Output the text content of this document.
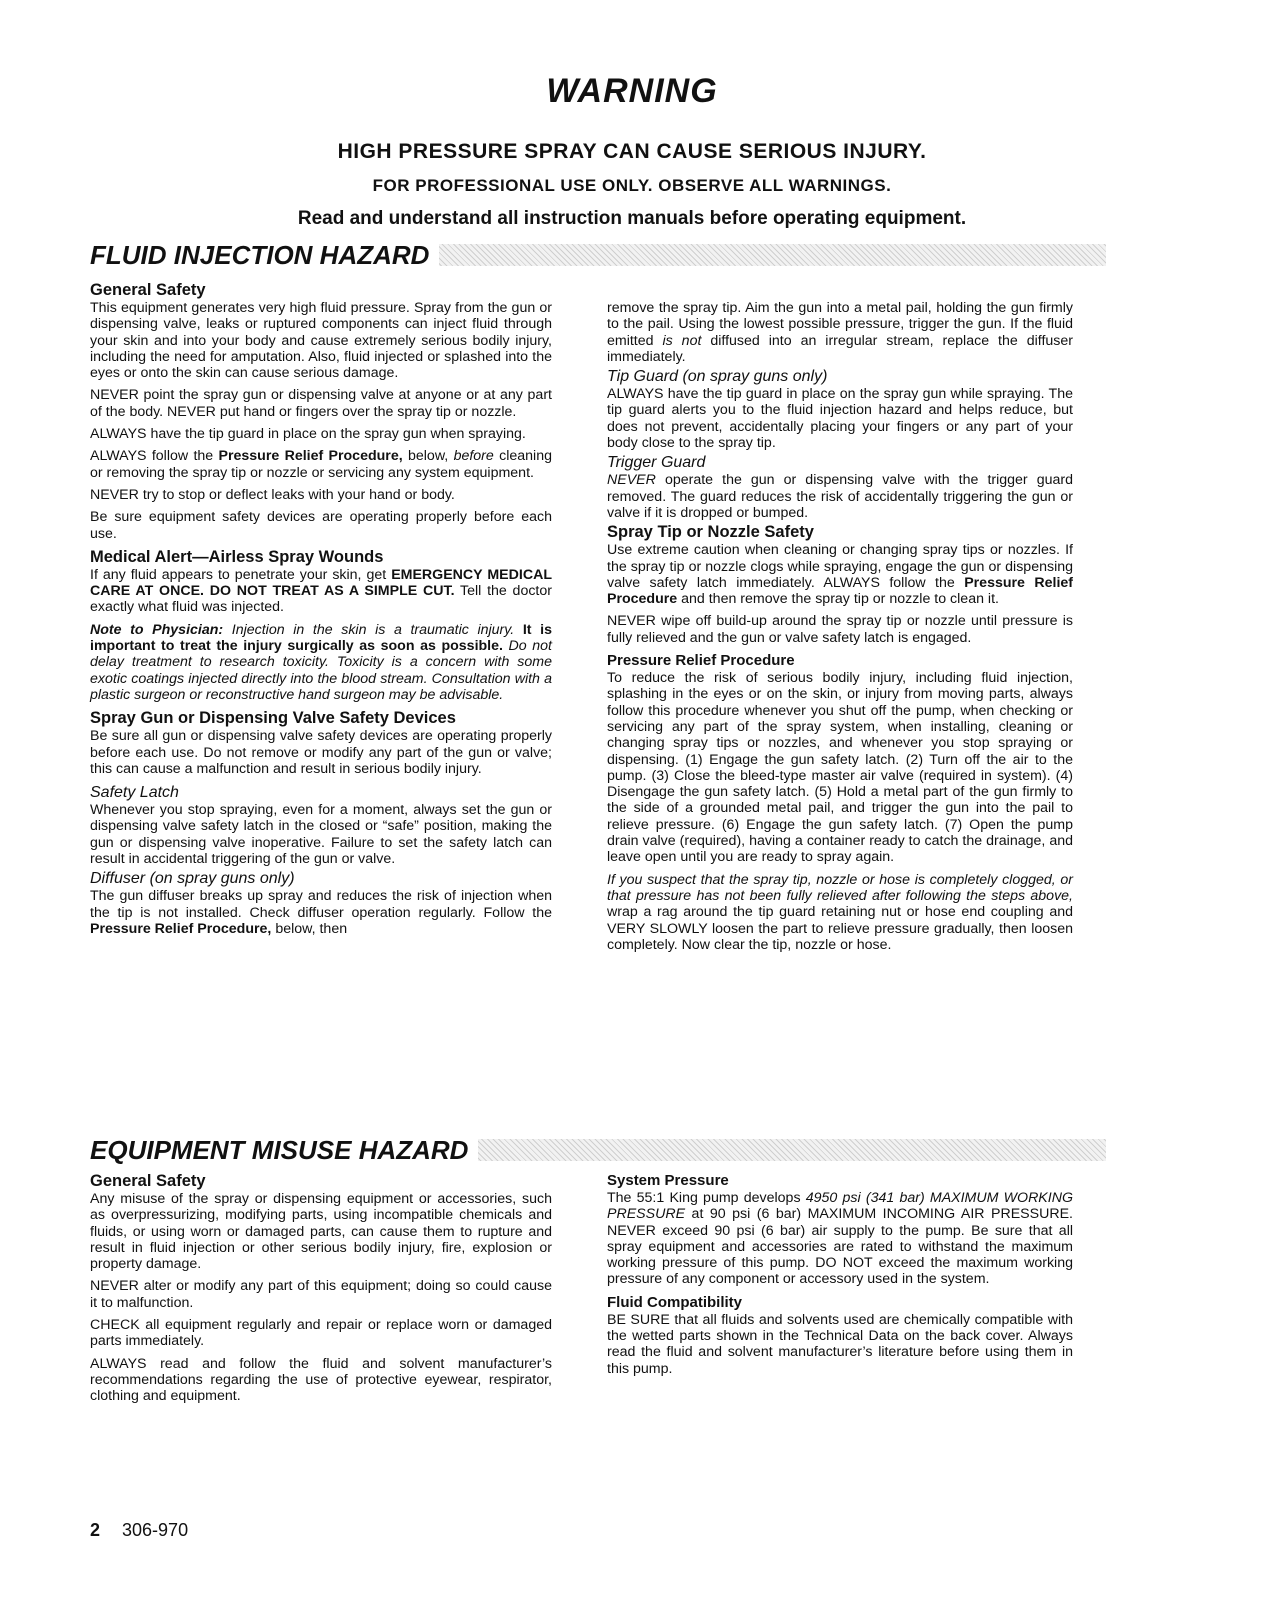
WARNING
HIGH PRESSURE SPRAY CAN CAUSE SERIOUS INJURY.
FOR PROFESSIONAL USE ONLY. OBSERVE ALL WARNINGS.
Read and understand all instruction manuals before operating equipment.
FLUID INJECTION HAZARD
General Safety

This equipment generates very high fluid pressure. Spray from the gun or dispensing valve, leaks or ruptured components can inject fluid through your skin and into your body and cause extremely serious bodily injury, including the need for amputation. Also, fluid injected or splashed into the eyes or onto the skin can cause serious damage.

NEVER point the spray gun or dispensing valve at anyone or at any part of the body. NEVER put hand or fingers over the spray tip or nozzle.

ALWAYS have the tip guard in place on the spray gun when spraying.

ALWAYS follow the Pressure Relief Procedure, below, before cleaning or removing the spray tip or nozzle or servicing any system equipment.

NEVER try to stop or deflect leaks with your hand or body.

Be sure equipment safety devices are operating properly before each use.

Medical Alert—Airless Spray Wounds

If any fluid appears to penetrate your skin, get EMERGENCY MEDICAL CARE AT ONCE. DO NOT TREAT AS A SIMPLE CUT. Tell the doctor exactly what fluid was injected.

Note to Physician: Injection in the skin is a traumatic injury. It is important to treat the injury surgically as soon as possible. Do not delay treatment to research toxicity. Toxicity is a concern with some exotic coatings injected directly into the blood stream. Consultation with a plastic surgeon or reconstructive hand surgeon may be advisable.

Spray Gun or Dispensing Valve Safety Devices

Be sure all gun or dispensing valve safety devices are operating properly before each use. Do not remove or modify any part of the gun or valve; this can cause a malfunction and result in serious bodily injury.

Safety Latch

Whenever you stop spraying, even for a moment, always set the gun or dispensing valve safety latch in the closed or “safe” position, making the gun or dispensing valve inoperative. Failure to set the safety latch can result in accidental triggering of the gun or valve.

Diffuser (on spray guns only)

The gun diffuser breaks up spray and reduces the risk of injection when the tip is not installed. Check diffuser operation regularly. Follow the Pressure Relief Procedure, below, then

remove the spray tip. Aim the gun into a metal pail, holding the gun firmly to the pail. Using the lowest possible pressure, trigger the gun. If the fluid emitted is not diffused into an irregular stream, replace the diffuser immediately.

Tip Guard (on spray guns only)

ALWAYS have the tip guard in place on the spray gun while spraying. The tip guard alerts you to the fluid injection hazard and helps reduce, but does not prevent, accidentally placing your fingers or any part of your body close to the spray tip.

Trigger Guard

NEVER operate the gun or dispensing valve with the trigger guard removed. The guard reduces the risk of accidentally triggering the gun or valve if it is dropped or bumped.

Spray Tip or Nozzle Safety

Use extreme caution when cleaning or changing spray tips or nozzles. If the spray tip or nozzle clogs while spraying, engage the gun or dispensing valve safety latch immediately. ALWAYS follow the Pressure Relief Procedure and then remove the spray tip or nozzle to clean it.

NEVER wipe off build-up around the spray tip or nozzle until pressure is fully relieved and the gun or valve safety latch is engaged.

Pressure Relief Procedure

To reduce the risk of serious bodily injury, including fluid injection, splashing in the eyes or on the skin, or injury from moving parts, always follow this procedure whenever you shut off the pump, when checking or servicing any part of the spray system, when installing, cleaning or changing spray tips or nozzles, and whenever you stop spraying or dispensing. (1) Engage the gun safety latch. (2) Turn off the air to the pump. (3) Close the bleed-type master air valve (required in system). (4) Disengage the gun safety latch. (5) Hold a metal part of the gun firmly to the side of a grounded metal pail, and trigger the gun into the pail to relieve pressure. (6) Engage the gun safety latch. (7) Open the pump drain valve (required), having a container ready to catch the drainage, and leave open until you are ready to spray again.

If you suspect that the spray tip, nozzle or hose is completely clogged, or that pressure has not been fully relieved after following the steps above, wrap a rag around the tip guard retaining nut or hose end coupling and VERY SLOWLY loosen the part to relieve pressure gradually, then loosen completely. Now clear the tip, nozzle or hose.

EQUIPMENT MISUSE HAZARD
General Safety

Any misuse of the spray or dispensing equipment or accessories, such as overpressurizing, modifying parts, using incompatible chemicals and fluids, or using worn or damaged parts, can cause them to rupture and result in fluid injection or other serious bodily injury, fire, explosion or property damage.

NEVER alter or modify any part of this equipment; doing so could cause it to malfunction.

CHECK all equipment regularly and repair or replace worn or damaged parts immediately.

ALWAYS read and follow the fluid and solvent manufacturer’s recommendations regarding the use of protective eyewear, respirator, clothing and equipment.

System Pressure

The 55:1 King pump develops 4950 psi (341 bar) MAXIMUM WORKING PRESSURE at 90 psi (6 bar) MAXIMUM INCOMING AIR PRESSURE. NEVER exceed 90 psi (6 bar) air supply to the pump. Be sure that all spray equipment and accessories are rated to withstand the maximum working pressure of this pump. DO NOT exceed the maximum working pressure of any component or accessory used in the system.

Fluid Compatibility

BE SURE that all fluids and solvents used are chemically compatible with the wetted parts shown in the Technical Data on the back cover. Always read the fluid and solvent manufacturer’s literature before using them in this pump.

2 306-970
